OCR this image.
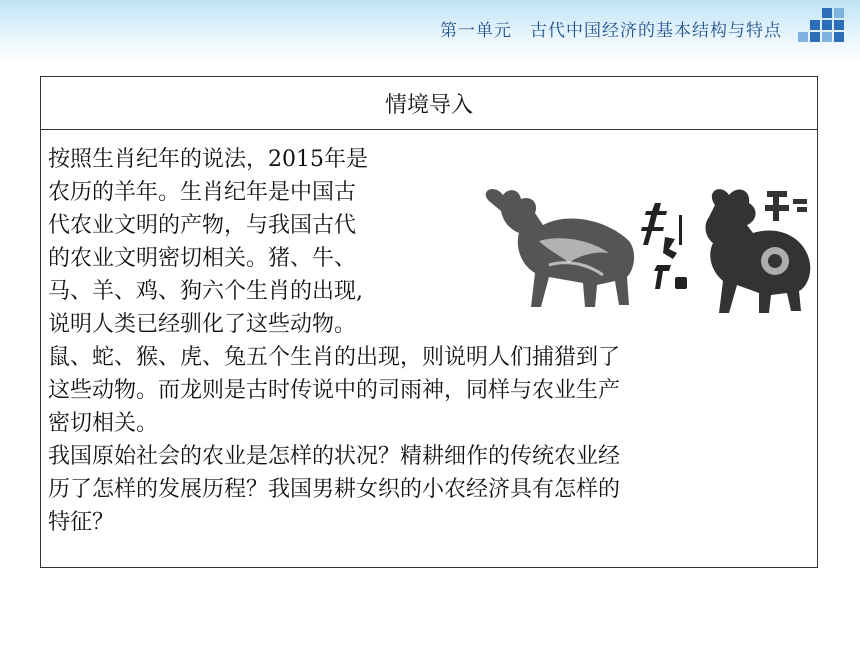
第一单元　古代中国经济的基本结构与特点
情境导入
按照生肖纪年的说法，2015年是
农历的羊年。生肖纪年是中国古
代农业文明的产物，与我国古代
的农业文明密切相关。猪、牛、
马、羊、鸡、狗六个生肖的出现,
说明人类已经驯化了这些动物。
鼠、蛇、猴、虎、兔五个生肖的出现，则说明人们捕猎到了
这些动物。而龙则是古时传说中的司雨神，同样与农业生产
密切相关。
我国原始社会的农业是怎样的状况？精耕细作的传统农业经
历了怎样的发展历程？我国男耕女织的小农经济具有怎样的
特征？
